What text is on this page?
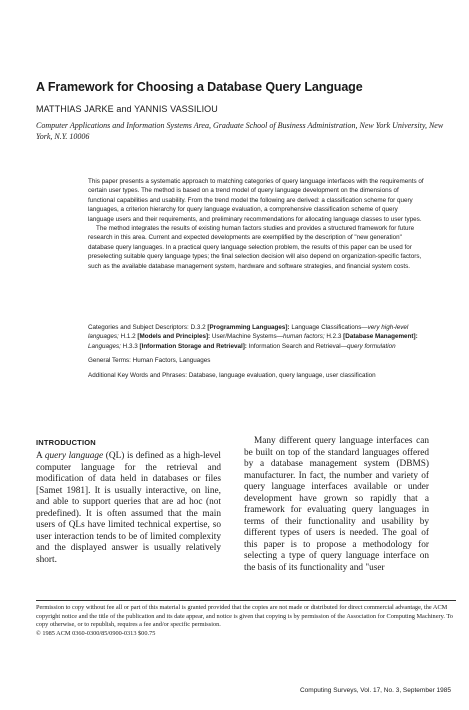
A Framework for Choosing a Database Query Language
MATTHIAS JARKE and YANNIS VASSILIOU
Computer Applications and Information Systems Area, Graduate School of Business Administration, New York University, New York, N.Y. 10006

This paper presents a systematic approach to matching categories of query language interfaces with the requirements of certain user types. The method is based on a trend model of query language development on the dimensions of functional capabilities and usability. From the trend model the following are derived: a classification scheme for query languages, a criterion hierarchy for query language evaluation, a comprehensive classification scheme of query language users and their requirements, and preliminary recommendations for allocating language classes to user types.

The method integrates the results of existing human factors studies and provides a structured framework for future research in this area. Current and expected developments are exemplified by the description of "new generation" database query languages. In a practical query language selection problem, the results of this paper can be used for preselecting suitable query language types; the final selection decision will also depend on organization-specific factors, such as the available database management system, hardware and software strategies, and financial system costs.

Categories and Subject Descriptors: D.3.2 [Programming Languages]: Language Classifications—very high-level languages; H.1.2 [Models and Principles]: User/Machine Systems—human factors; H.2.3 [Database Management]: Languages; H.3.3 [Information Storage and Retrieval]: Information Search and Retrieval—query formulation

General Terms: Human Factors, Languages

Additional Key Words and Phrases: Database, language evaluation, query language, user classification

INTRODUCTION

A query language (QL) is defined as a high-level computer language for the retrieval and modification of data held in databases or files [Samet 1981]. It is usually interactive, on line, and able to support queries that are ad hoc (not predefined). It is often assumed that the main users of QLs have limited technical expertise, so user interaction tends to be of limited complexity and the displayed answer is usually relatively short.

Many different query language interfaces can be built on top of the standard languages offered by a database management system (DBMS) manufacturer. In fact, the number and variety of query language interfaces available or under development have grown so rapidly that a framework for evaluating query languages in terms of their functionality and usability by different types of users is needed. The goal of this paper is to propose a methodology for selecting a type of query language interface on the basis of its functionality and "user

Permission to copy without fee all or part of this material is granted provided that the copies are not made or distributed for direct commercial advantage, the ACM copyright notice and the title of the publication and its date appear, and notice is given that copying is by permission of the Association for Computing Machinery. To copy otherwise, or to republish, requires a fee and/or specific permission.

© 1985 ACM 0360-0300/85/0900-0313 $00.75

Computing Surveys, Vol. 17, No. 3, September 1985
